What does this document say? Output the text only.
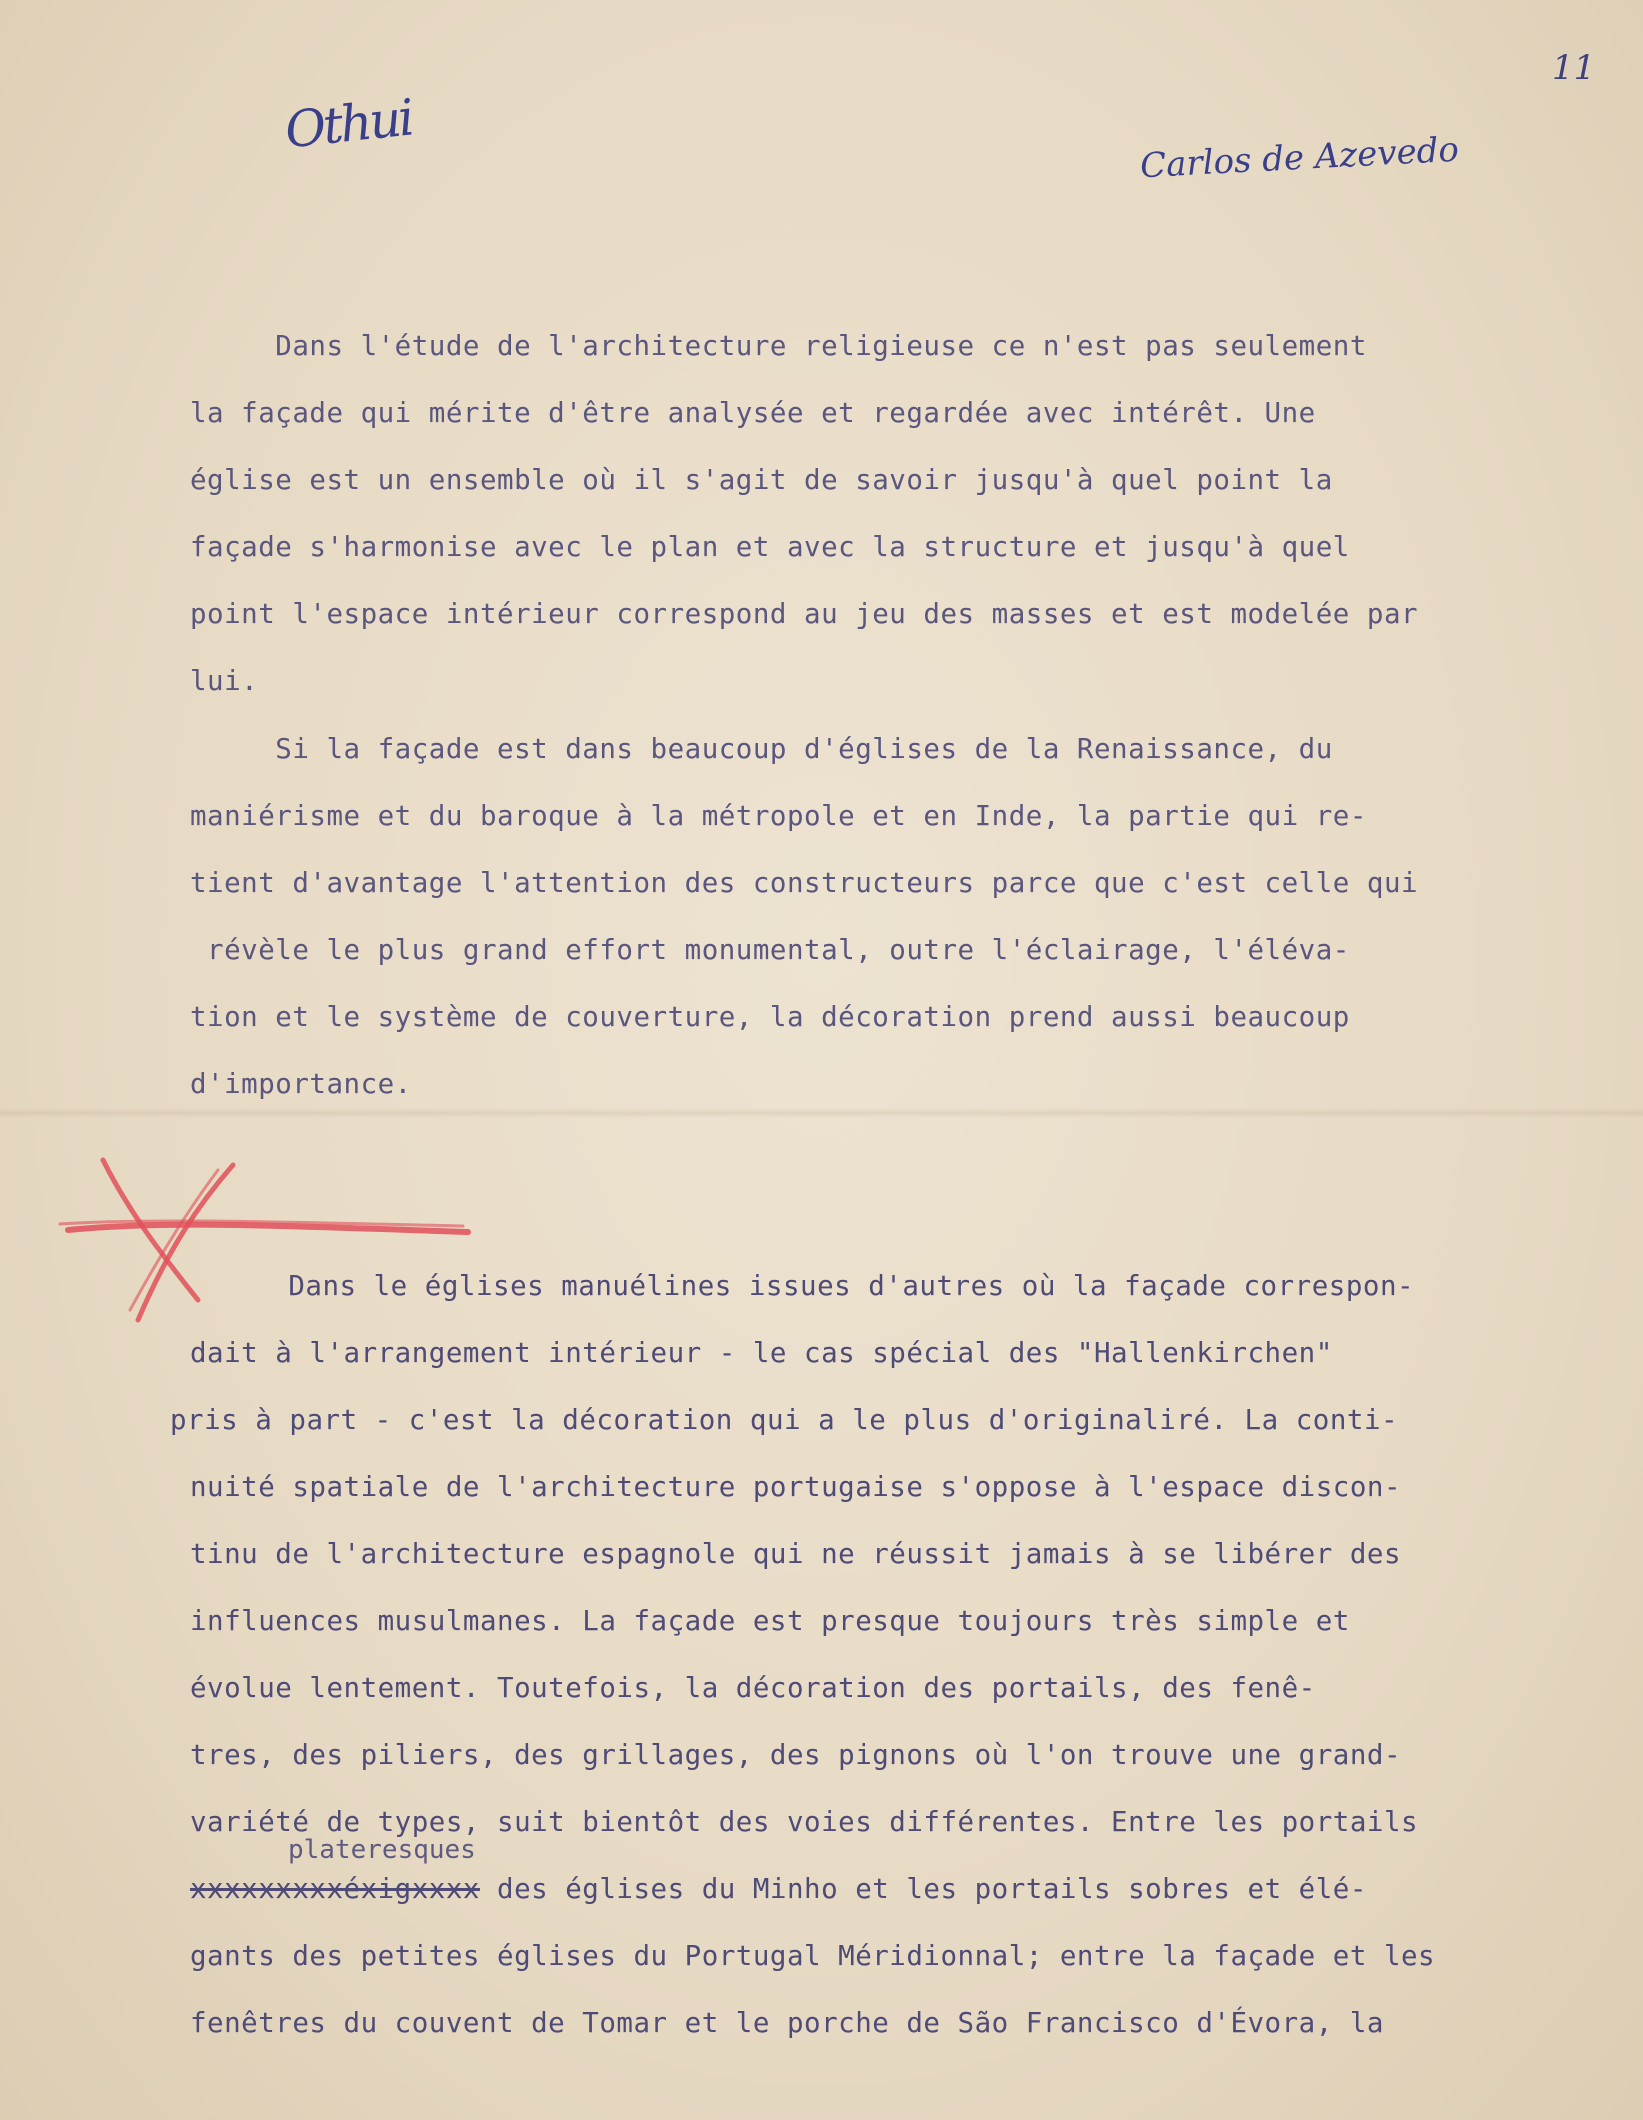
11
Othui	Carlos de Azevedo
Dans l'étude de l'architecture religieuse ce n'est pas seulement
la façade qui mérite d'être analysée et regardée avec intérêt. Une
église est un ensemble où il s'agit de savoir jusqu'à quel point la
façade s'harmonise avec le plan et avec la structure et jusqu'à quel
point l'espace intérieur correspond au jeu des masses et est modelée par
lui.
Si la façade est dans beaucoup d'églises de la Renaissance, du
maniérisme et du baroque à la métropole et en Inde, la partie qui re-
tient d'avantage l'attention des constructeurs parce que c'est celle qui
révèle le plus grand effort monumental, outre l'éclairage, l'éléva-
tion et le système de couverture, la décoration prend aussi beaucoup
d'importance.
Dans le églises manuélines issues d'autres où la façade correspon-
dait à l'arrangement intérieur - le cas spécial des "Hallenkirchen"
pris à part - c'est la décoration qui a le plus d'originaliré. La conti-
nuité spatiale de l'architecture portugaise s'oppose à l'espace discon-
tinu de l'architecture espagnole qui ne réussit jamais à se libérer des
influences musulmanes. La façade est presque toujours très simple et
évolue lentement. Toutefois, la décoration des portails, des fenê-
tres, des piliers, des grillages, des pignons où l'on trouve une grand-
variété de types, suit bientôt des voies différentes. Entre les portails
plateresques
xxxxxxxxxéxigxxxx des églises du Minho et les portails sobres et élé-
gants des petites églises du Portugal Méridionnal; entre la façade et les
fenêtres du couvent de Tomar et le porche de São Francisco d'Évora, la
